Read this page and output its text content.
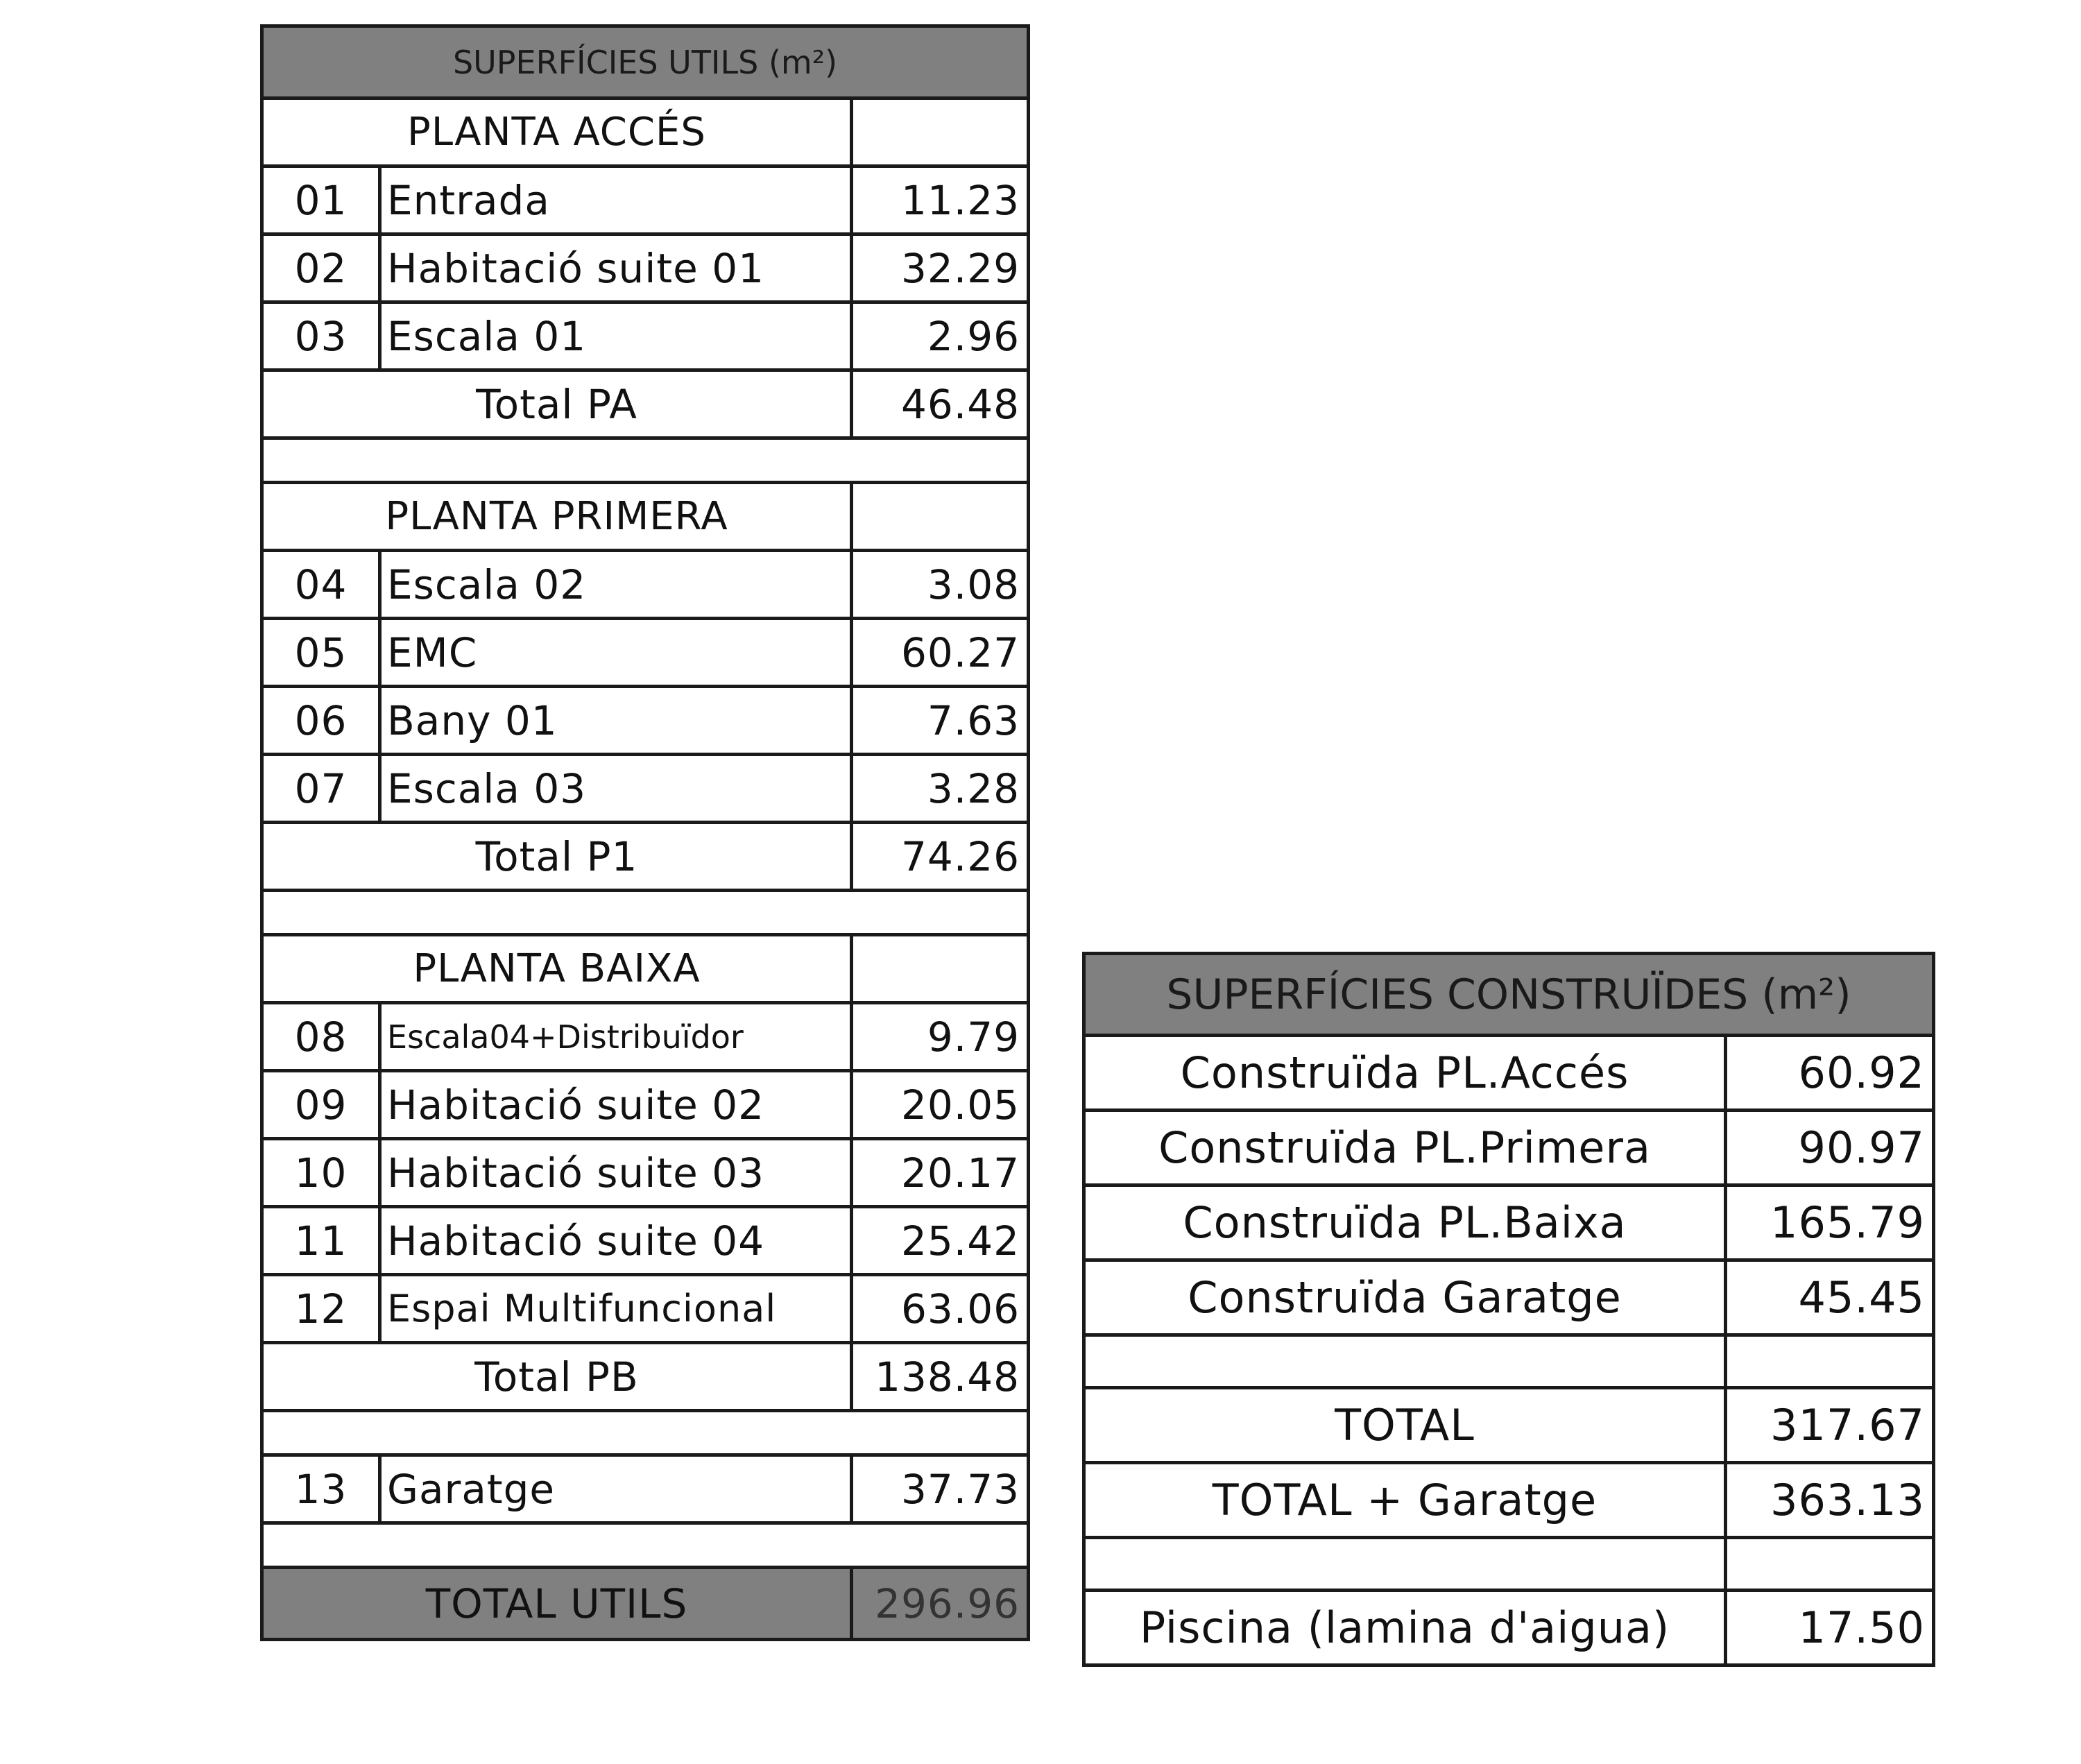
SUPERFÍCIES UTILS (m²)		
PLANTA ACCÉS		
01	Entrada	11.23
02	Habitació suite 01	32.29
03	Escala 01	2.96
Total PA		46.48

PLANTA PRIMERA		
04	Escala 02	3.08
05	EMC	60.27
06	Bany 01	7.63
07	Escala 03	3.28
Total P1		74.26

PLANTA BAIXA		
08	Escala04+Distribuïdor	9.79
09	Habitació suite 02	20.05
10	Habitació suite 03	20.17
11	Habitació suite 04	25.42
12	Espai Multifuncional	63.06
Total PB		138.48

13	Garatge	37.73

TOTAL UTILS		296.96
SUPERFÍCIES CONSTRUÏDES (m²)	
Construïda PL.Accés	60.92
Construïda PL.Primera	90.97
Construïda PL.Baixa	165.79
Construïda Garatge	45.45

TOTAL	317.67
TOTAL + Garatge	363.13

Piscina (lamina d'aigua)	17.50
